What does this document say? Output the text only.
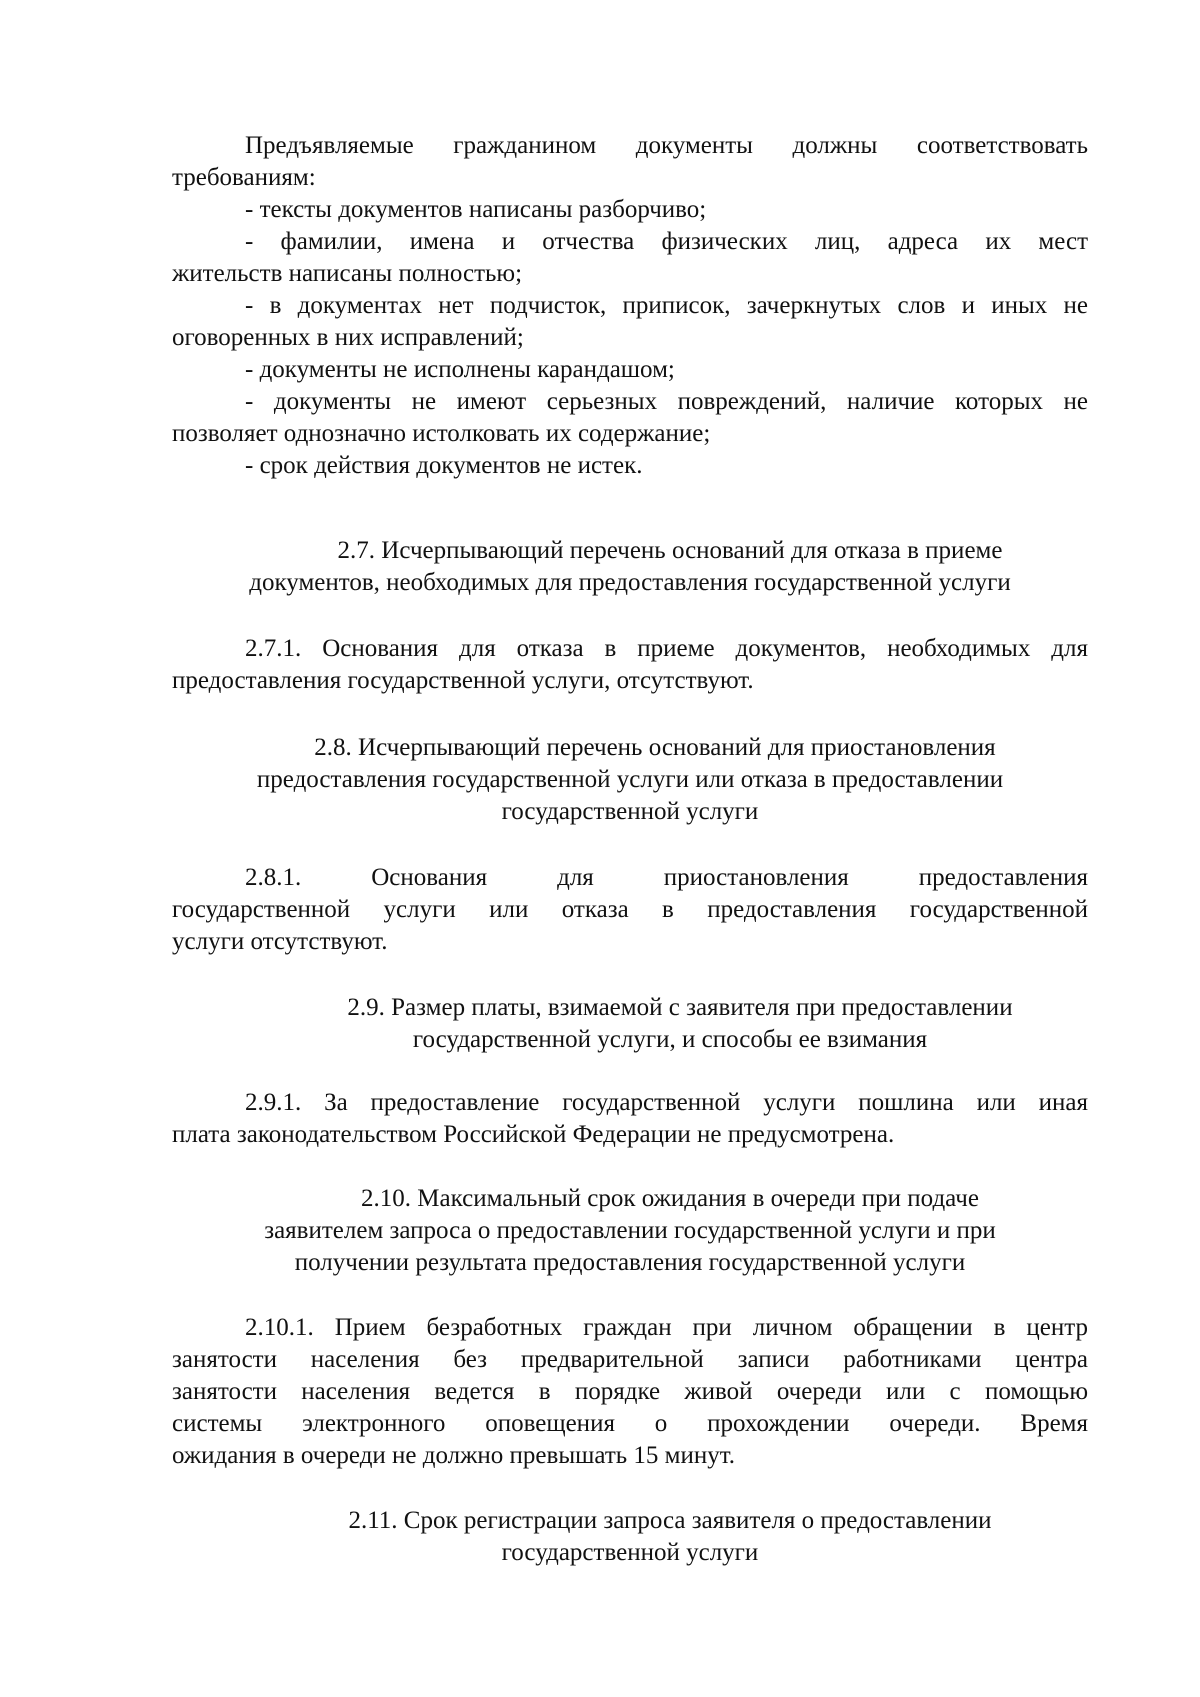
Предъявляемые гражданином документы должны соответствовать
требованиям:
- тексты документов написаны разборчиво;
- фамилии, имена и отчества физических лиц, адреса их мест
жительств написаны полностью;
- в документах нет подчисток, приписок, зачеркнутых слов и иных не
оговоренных в них исправлений;
- документы не исполнены карандашом;
- документы не имеют серьезных повреждений, наличие которых не
позволяет однозначно истолковать их содержание;
- срок действия документов не истек.
2.7. Исчерпывающий перечень оснований для отказа в приеме
документов, необходимых для предоставления государственной услуги
2.7.1. Основания для отказа в приеме документов, необходимых для
предоставления государственной услуги, отсутствуют.
2.8. Исчерпывающий перечень оснований для приостановления
предоставления государственной услуги или отказа в предоставлении
государственной услуги
2.8.1. Основания для приостановления предоставления
государственной услуги или отказа в предоставления государственной
услуги отсутствуют.
2.9. Размер платы, взимаемой с заявителя при предоставлении
государственной услуги, и способы ее взимания
2.9.1. За предоставление государственной услуги пошлина или иная
плата законодательством Российской Федерации не предусмотрена.
2.10. Максимальный срок ожидания в очереди при подаче
заявителем запроса о предоставлении государственной услуги и при
получении результата предоставления государственной услуги
2.10.1. Прием безработных граждан при личном обращении в центр
занятости населения без предварительной записи работниками центра
занятости населения ведется в порядке живой очереди или с помощью
системы электронного оповещения о прохождении очереди. Время
ожидания в очереди не должно превышать 15 минут.
2.11. Срок регистрации запроса заявителя о предоставлении
государственной услуги
